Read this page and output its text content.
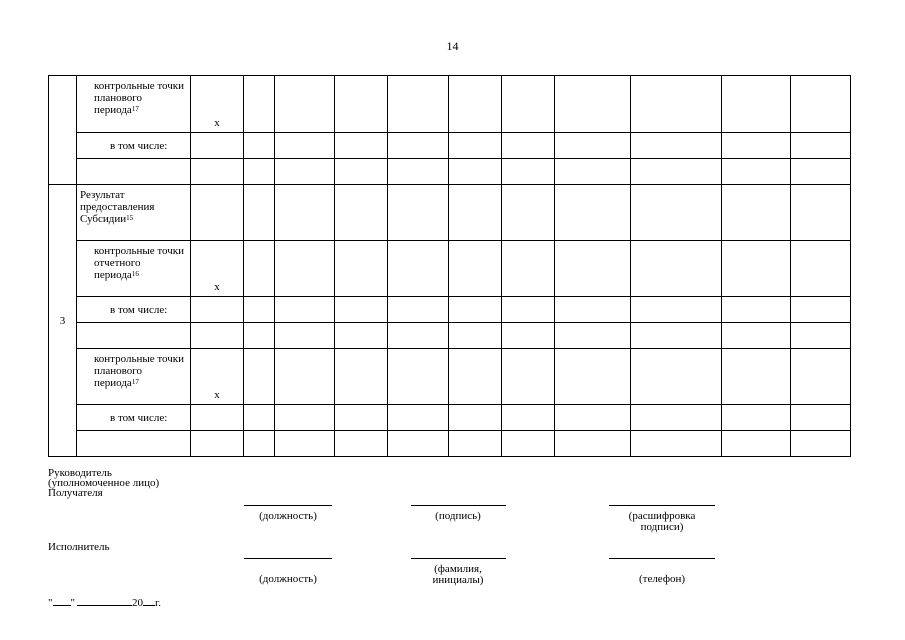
14
	контрольные точки планового периода$^{17}$	x										
	в том числе:											

3	Результат предоставления Субсидии$^{15}$											
	контрольные точки отчетного периода$^{16}$	x										
	в том числе:											

	контрольные точки планового периода$^{17}$	x										
	в том числе:											

Руководитель (уполномоченное лицо) Получателя
(должность)	(подпись)	(расшифровка подписи)
Исполнитель
(должность)
(фамилия, инициалы)	(телефон)
" "	20 г.
